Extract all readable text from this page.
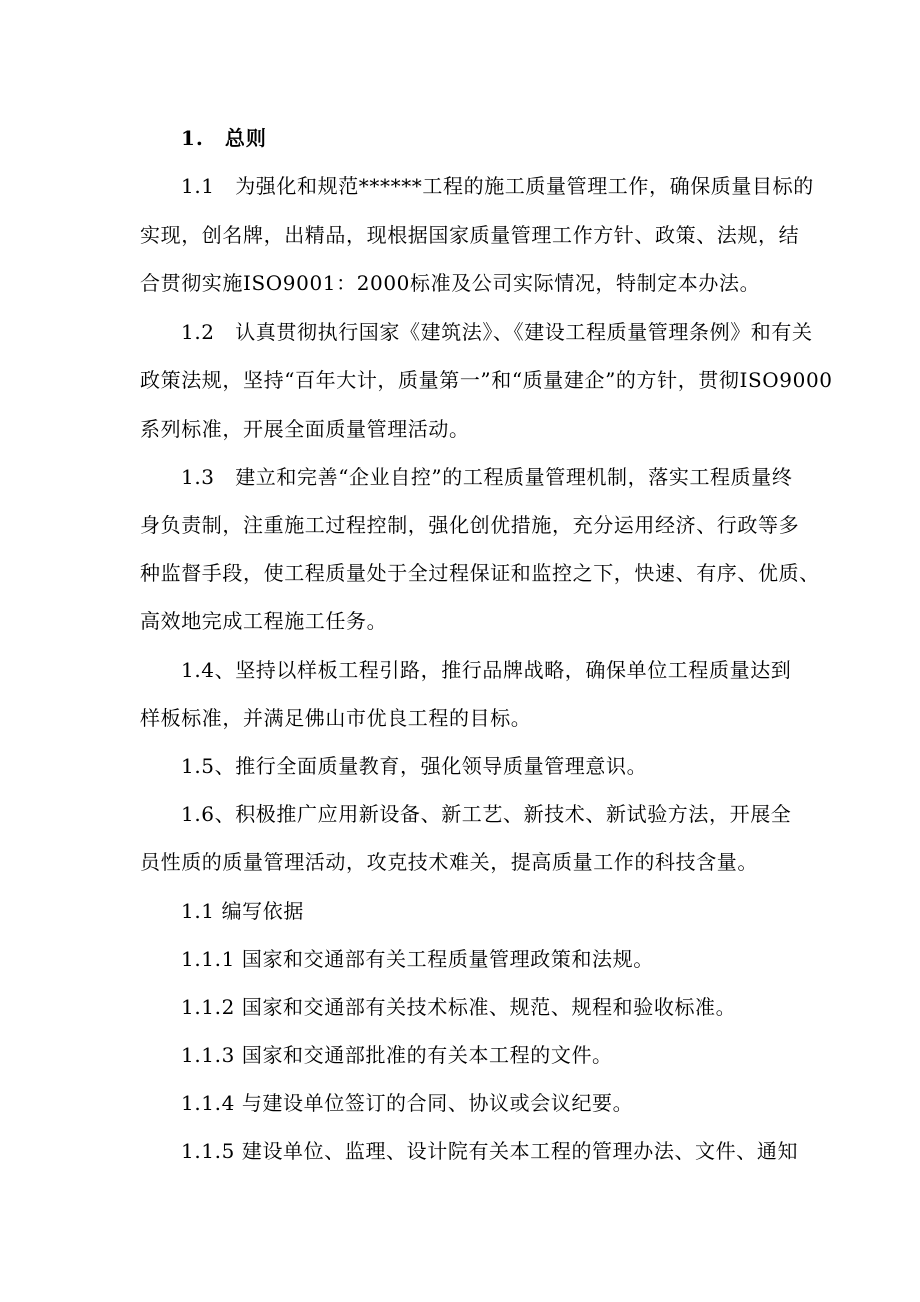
1.　总则
1.1　为强化和规范******工程的施工质量管理工作，确保质量目标的
实现，创名牌，出精品，现根据国家质量管理工作方针、政策、法规，结
合贯彻实施ISO9001：2000标准及公司实际情况，特制定本办法。
1.2　认真贯彻执行国家《建筑法》、《建设工程质量管理条例》和有关
政策法规，坚持“百年大计，质量第一”和“质量建企”的方针，贯彻ISO9000
系列标准，开展全面质量管理活动。
1.3　建立和完善“企业自控”的工程质量管理机制，落实工程质量终
身负责制，注重施工过程控制，强化创优措施，充分运用经济、行政等多
种监督手段，使工程质量处于全过程保证和监控之下，快速、有序、优质、
高效地完成工程施工任务。
1.4、坚持以样板工程引路，推行品牌战略，确保单位工程质量达到
样板标准，并满足佛山市优良工程的目标。
1.5、推行全面质量教育，强化领导质量管理意识。
1.6、积极推广应用新设备、新工艺、新技术、新试验方法，开展全
员性质的质量管理活动，攻克技术难关，提高质量工作的科技含量。
1.1 编写依据
1.1.1 国家和交通部有关工程质量管理政策和法规。
1.1.2 国家和交通部有关技术标准、规范、规程和验收标准。
1.1.3 国家和交通部批准的有关本工程的文件。
1.1.4 与建设单位签订的合同、协议或会议纪要。
1.1.5 建设单位、监理、设计院有关本工程的管理办法、文件、通知
